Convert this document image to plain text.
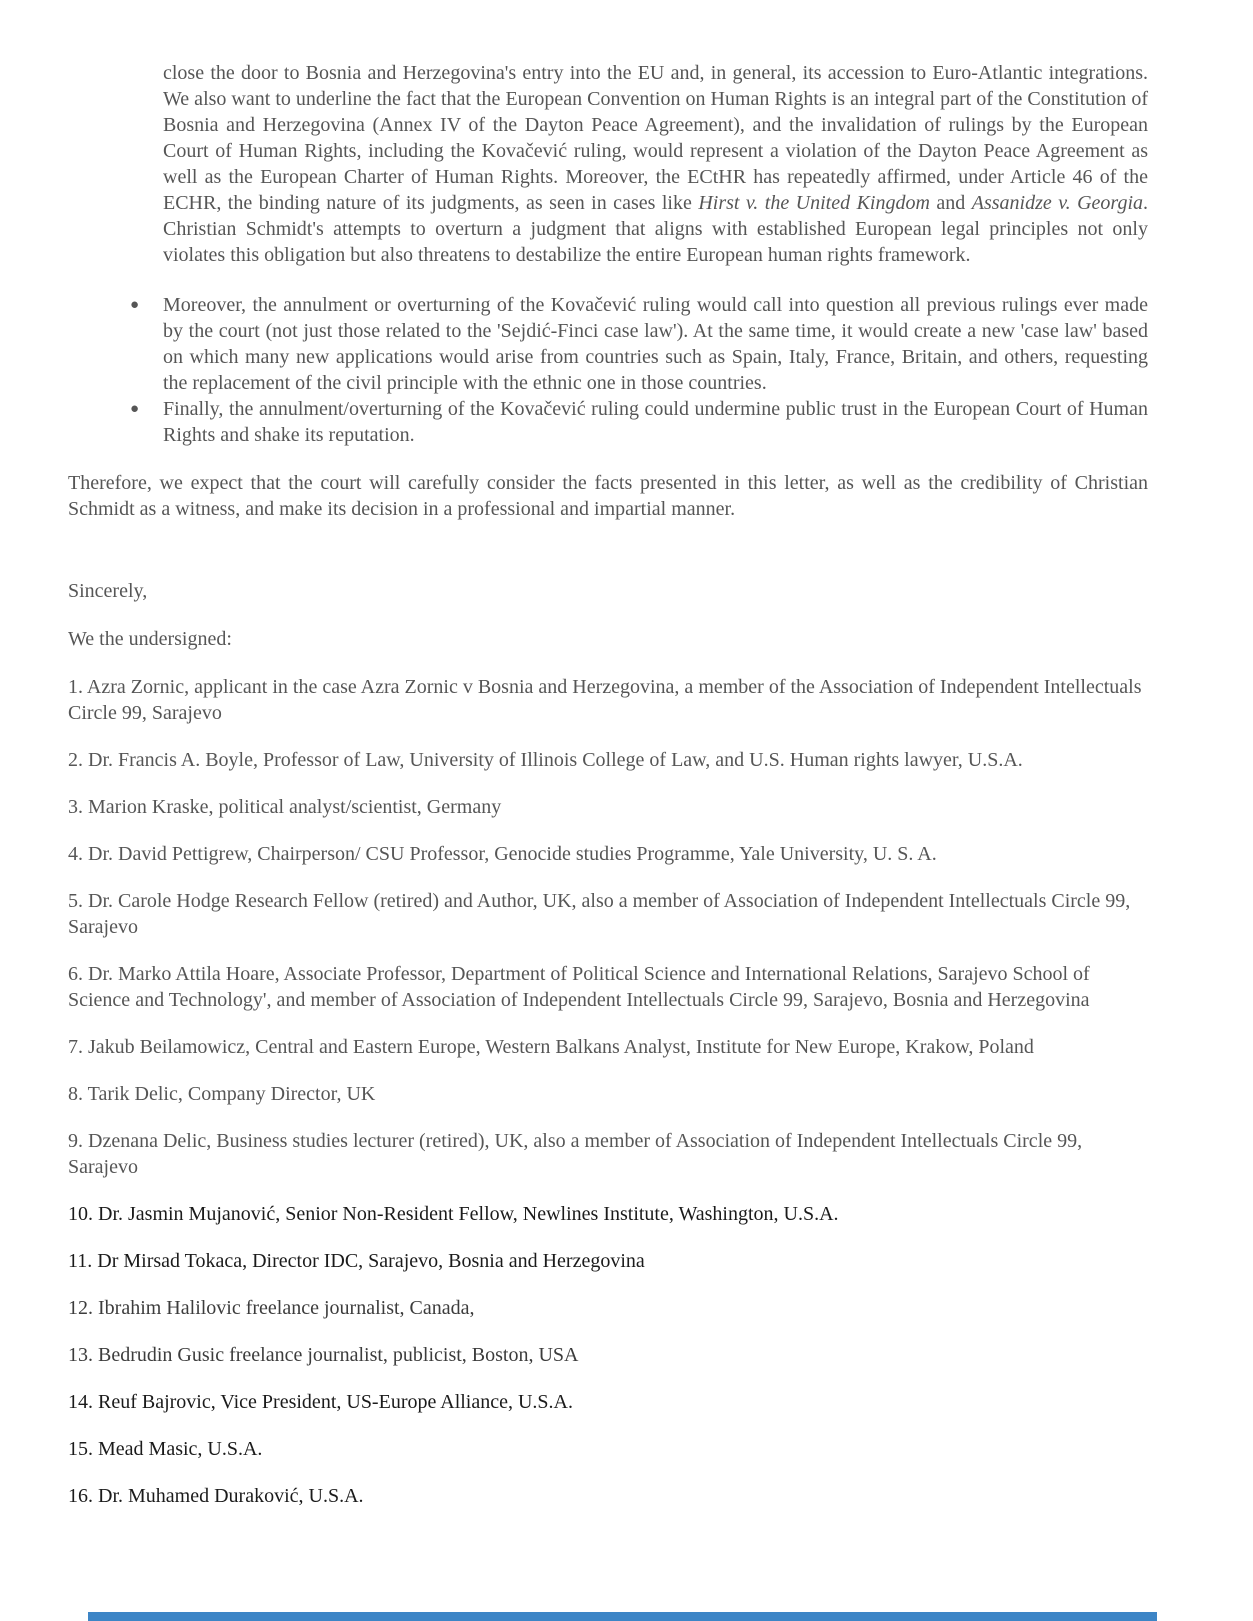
close the door to Bosnia and Herzegovina's entry into the EU and, in general, its accession to Euro-Atlantic integrations. We also want to underline the fact that the European Convention on Human Rights is an integral part of the Constitution of Bosnia and Herzegovina (Annex IV of the Dayton Peace Agreement), and the invalidation of rulings by the European Court of Human Rights, including the Kovačević ruling, would represent a violation of the Dayton Peace Agreement as well as the European Charter of Human Rights. Moreover, the ECtHR has repeatedly affirmed, under Article 46 of the ECHR, the binding nature of its judgments, as seen in cases like Hirst v. the United Kingdom and Assanidze v. Georgia. Christian Schmidt's attempts to overturn a judgment that aligns with established European legal principles not only violates this obligation but also threatens to destabilize the entire European human rights framework.

● Moreover, the annulment or overturning of the Kovačević ruling would call into question all previous rulings ever made by the court (not just those related to the 'Sejdić-Finci case law'). At the same time, it would create a new 'case law' based on which many new applications would arise from countries such as Spain, Italy, France, Britain, and others, requesting the replacement of the civil principle with the ethnic one in those countries.
● Finally, the annulment/overturning of the Kovačević ruling could undermine public trust in the European Court of Human Rights and shake its reputation.

Therefore, we expect that the court will carefully consider the facts presented in this letter, as well as the credibility of Christian Schmidt as a witness, and make its decision in a professional and impartial manner.

Sincerely,

We the undersigned:

1. Azra Zornic, applicant in the case Azra Zornic v Bosnia and Herzegovina, a member of the Association of Independent Intellectuals Circle 99, Sarajevo

2. Dr. Francis A. Boyle, Professor of Law, University of Illinois College of Law, and U.S. Human rights lawyer, U.S.A.

3. Marion Kraske, political analyst/scientist, Germany

4. Dr. David Pettigrew, Chairperson/ CSU Professor, Genocide studies Programme, Yale University, U. S. A.

5. Dr. Carole Hodge Research Fellow (retired) and Author, UK, also a member of Association of Independent Intellectuals Circle 99, Sarajevo

6. Dr. Marko Attila Hoare, Associate Professor, Department of Political Science and International Relations, Sarajevo School of Science and Technology', and member of Association of Independent Intellectuals Circle 99, Sarajevo, Bosnia and Herzegovina

7. Jakub Beilamowicz, Central and Eastern Europe, Western Balkans Analyst, Institute for New Europe, Krakow, Poland

8. Tarik Delic, Company Director, UK

9. Dzenana Delic, Business studies lecturer (retired), UK, also a member of Association of Independent Intellectuals Circle 99, Sarajevo

10. Dr. Jasmin Mujanović, Senior Non-Resident Fellow, Newlines Institute, Washington, U.S.A.

11. Dr Mirsad Tokaca, Director IDC, Sarajevo, Bosnia and Herzegovina

12. Ibrahim Halilovic freelance journalist, Canada,

13. Bedrudin Gusic freelance journalist, publicist, Boston, USA

14. Reuf Bajrovic, Vice President, US-Europe Alliance, U.S.A.

15. Mead Masic, U.S.A.

16. Dr. Muhamed Duraković, U.S.A.
